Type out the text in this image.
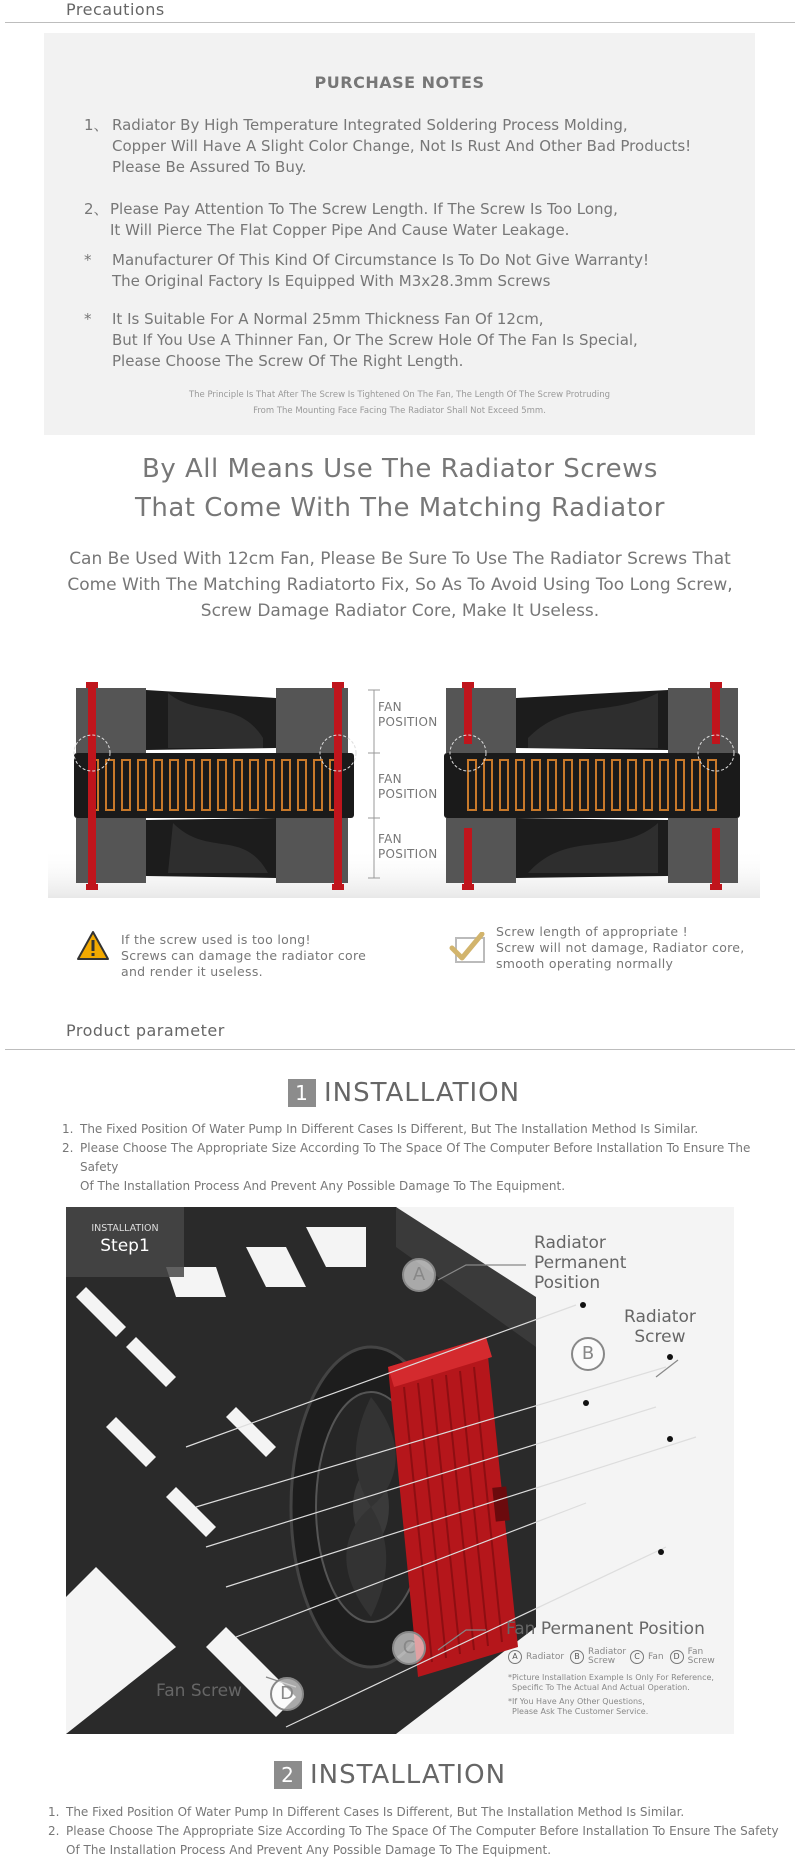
Precautions
PURCHASE NOTES
1、 Radiator By High Temperature Integrated Soldering Process Molding,
Copper Will Have A Slight Color Change, Not Is Rust And Other Bad Products!
Please Be Assured To Buy.
2、 Please Pay Attention To The Screw Length. If The Screw Is Too Long,
It Will Pierce The Flat Copper Pipe And Cause Water Leakage.
* Manufacturer Of This Kind Of Circumstance Is To Do Not Give Warranty!
The Original Factory Is Equipped With M3x28.3mm Screws
* It Is Suitable For A Normal 25mm Thickness Fan Of 12cm,
But If You Use A Thinner Fan, Or The Screw Hole Of The Fan Is Special,
Please Choose The Screw Of The Right Length.
The Principle Is That After The Screw Is Tightened On The Fan, The Length Of The Screw Protruding
From The Mounting Face Facing The Radiator Shall Not Exceed 5mm.
By All Means Use The Radiator Screws
That Come With The Matching Radiator
Can Be Used With 12cm Fan, Please Be Sure To Use The Radiator Screws That
Come With The Matching Radiatorto Fix, So As To Avoid Using Too Long Screw,
Screw Damage Radiator Core, Make It Useless.
FAN
POSITION
FAN
POSITION
FAN
POSITION
If the screw used is too long!
Screws can damage the radiator core
and render it useless.
Screw length of appropriate !
Screw will not damage, Radiator core,
smooth operating normally
Product parameter
1 INSTALLATION
1. The Fixed Position Of Water Pump In Different Cases Is Different, But The Installation Method Is Similar.
2. Please Choose The Appropriate Size According To The Space Of The Computer Before Installation To Ensure The Safety
Of The Installation Process And Prevent Any Possible Damage To The Equipment.
INSTALLATION
Step1
A
Radiator
Permanent
Position
B
Radiator
Screw
C
Fan Permanent Position
D
Fan Screw
A Radiator	B Radiator Screw	C Fan	D Fan Screw
*Picture Installation Example Is Only For Reference,
Specific To The Actual And Actual Operation.
*If You Have Any Other Questions,
Please Ask The Customer Service.
2 INSTALLATION
1. The Fixed Position Of Water Pump In Different Cases Is Different, But The Installation Method Is Similar.
2. Please Choose The Appropriate Size According To The Space Of The Computer Before Installation To Ensure The Safety
Of The Installation Process And Prevent Any Possible Damage To The Equipment.
